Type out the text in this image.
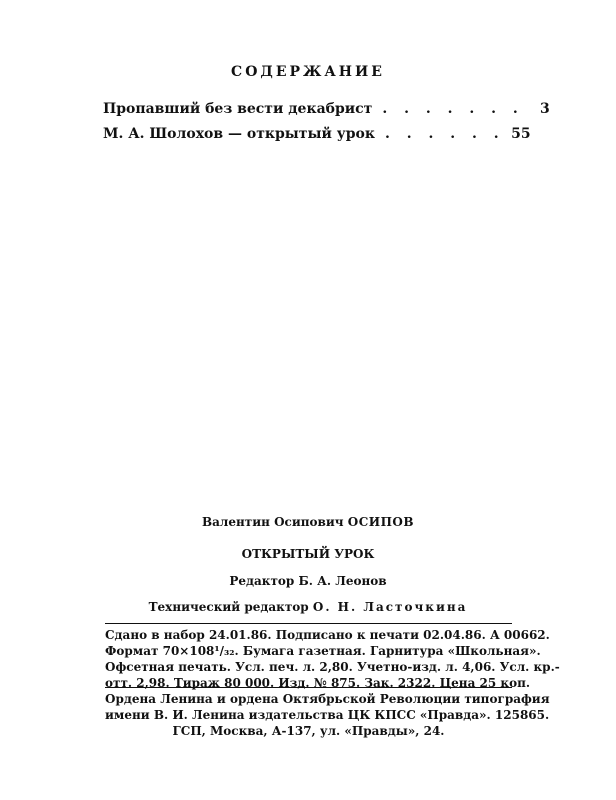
СОДЕРЖАНИЕ
Пропавший без вести декабрист . . . . . . .	3
М. А. Шолохов — открытый урок . . . . . . 55
Валентин Осипович ОСИПОВ
ОТКРЫТЫЙ УРОК
Редактор Б. А. Леонов
Технический редактор О. Н. Ласточкина
Сдано в набор 24.01.86. Подписано к печати 02.04.86. А 00662.
Формат 70×108¹/₃₂. Бумага газетная. Гарнитура «Школьная».
Офсетная печать. Усл. печ. л. 2,80. Учетно-изд. л. 4,06. Усл. кр.-
отт. 2,98. Тираж 80 000. Изд. № 875. Зак. 2322. Цена 25 коп.
Ордена Ленина и ордена Октябрьской Революции типография
имени В. И. Ленина издательства ЦК КПСС «Правда». 125865.
ГСП, Москва, А-137, ул. «Правды», 24.
